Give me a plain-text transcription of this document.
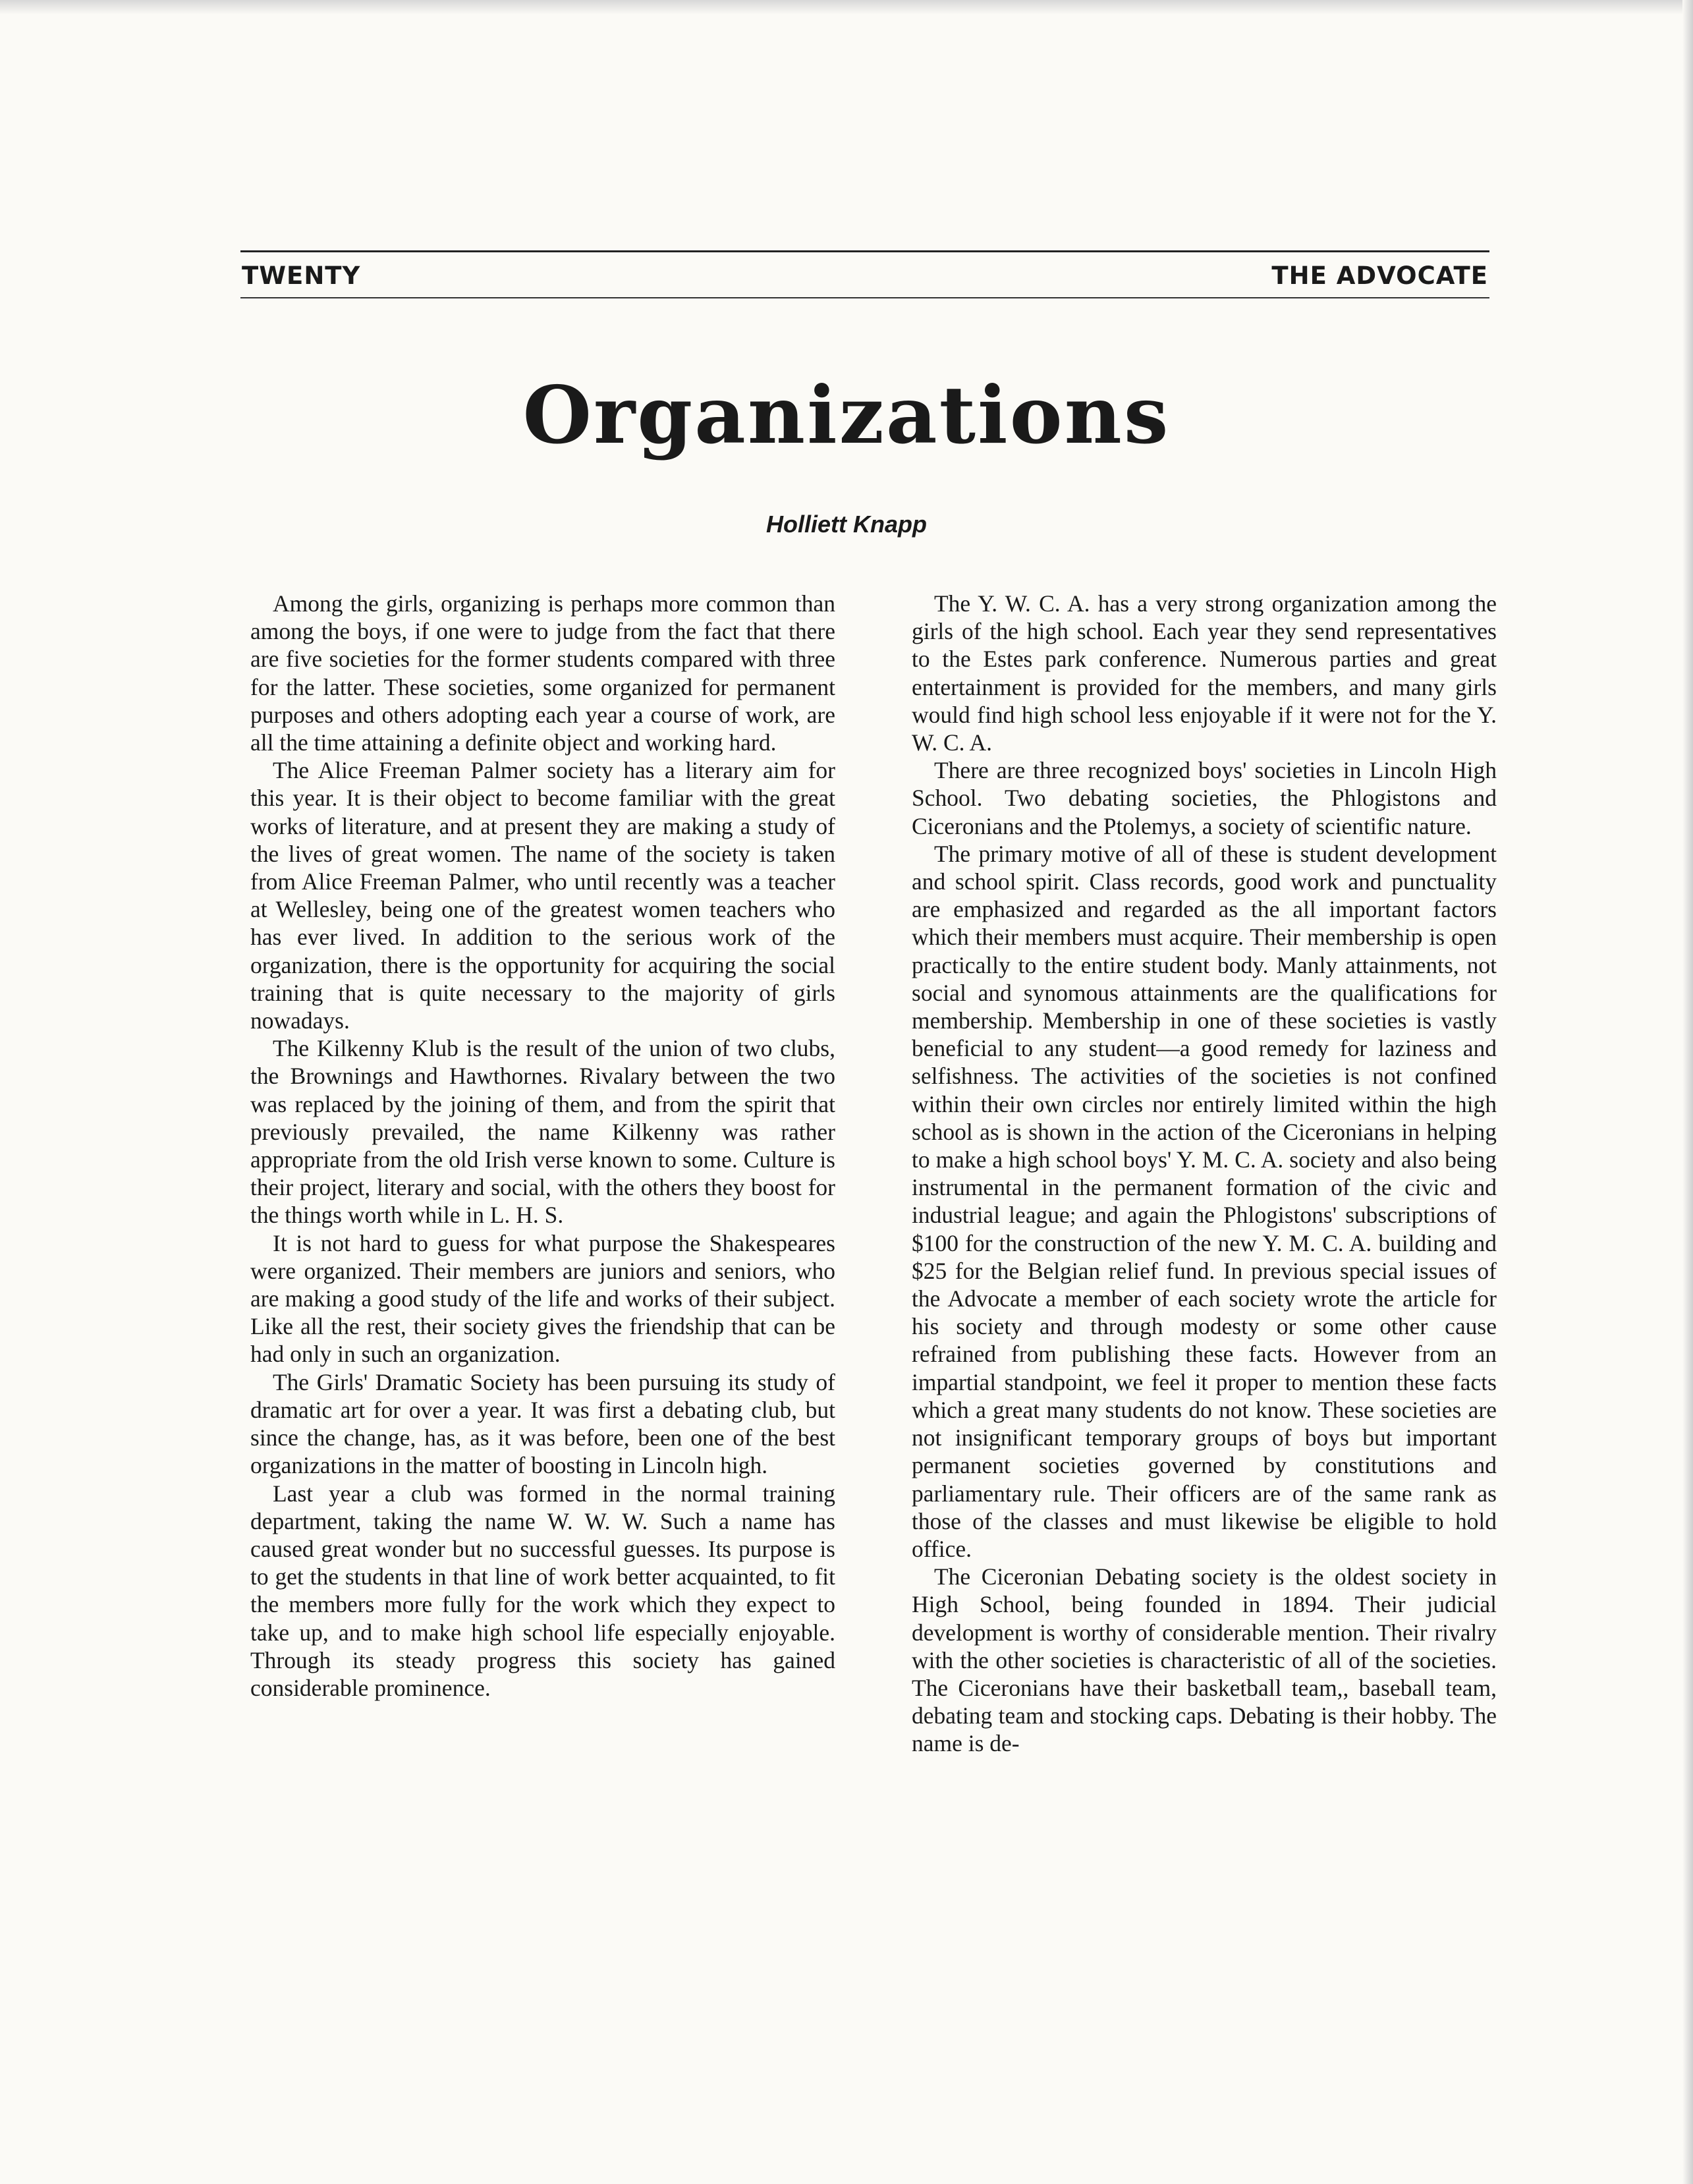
TWENTY	THE ADVOCATE
Organizations
Holliett Knapp

Among the girls, organizing is perhaps more common than among the boys, if one were to judge from the fact that there are five societies for the former students compared with three for the latter. These societies, some organized for permanent purposes and others adopting each year a course of work, are all the time attaining a definite object and working hard.

The Alice Freeman Palmer society has a literary aim for this year. It is their object to become familiar with the great works of literature, and at present they are making a study of the lives of great women. The name of the society is taken from Alice Freeman Palmer, who until recently was a teacher at Wellesley, being one of the greatest women teachers who has ever lived. In addition to the serious work of the organization, there is the opportunity for acquiring the social training that is quite necessary to the majority of girls nowadays.

The Kilkenny Klub is the result of the union of two clubs, the Brownings and Hawthornes. Rivalary between the two was replaced by the joining of them, and from the spirit that previously prevailed, the name Kilkenny was rather appropriate from the old Irish verse known to some. Culture is their project, literary and social, with the others they boost for the things worth while in L. H. S.

It is not hard to guess for what purpose the Shakespeares were organized. Their members are juniors and seniors, who are making a good study of the life and works of their subject. Like all the rest, their society gives the friendship that can be had only in such an organization.

The Girls' Dramatic Society has been pursuing its study of dramatic art for over a year. It was first a debating club, but since the change, has, as it was before, been one of the best organizations in the matter of boosting in Lincoln high.

Last year a club was formed in the normal training department, taking the name W. W. W. Such a name has caused great wonder but no successful guesses. Its purpose is to get the students in that line of work better acquainted, to fit the members more fully for the work which they expect to take up, and to make high school life especially enjoyable. Through its steady progress this society has gained considerable prominence.

The Y. W. C. A. has a very strong organization among the girls of the high school. Each year they send representatives to the Estes park conference. Numerous parties and great entertainment is provided for the members, and many girls would find high school less enjoyable if it were not for the Y. W. C. A.

There are three recognized boys' societies in Lincoln High School. Two debating societies, the Phlogistons and Ciceronians and the Ptolemys, a society of scientific nature.

The primary motive of all of these is student development and school spirit. Class records, good work and punctuality are emphasized and regarded as the all important factors which their members must acquire. Their membership is open practically to the entire student body. Manly attainments, not social and synomous attainments are the qualifications for membership. Membership in one of these societies is vastly beneficial to any student—a good remedy for laziness and selfishness. The activities of the societies is not confined within their own circles nor entirely limited within the high school as is shown in the action of the Ciceronians in helping to make a high school boys' Y. M. C. A. society and also being instrumental in the permanent formation of the civic and industrial league; and again the Phlogistons' subscriptions of $100 for the construction of the new Y. M. C. A. building and $25 for the Belgian relief fund. In previous special issues of the Advocate a member of each society wrote the article for his society and through modesty or some other cause refrained from publishing these facts. However from an impartial standpoint, we feel it proper to mention these facts which a great many students do not know. These societies are not insignificant temporary groups of boys but important permanent societies governed by constitutions and parliamentary rule. Their officers are of the same rank as those of the classes and must likewise be eligible to hold office.

The Ciceronian Debating society is the oldest society in High School, being founded in 1894. Their judicial development is worthy of considerable mention. Their rivalry with the other societies is characteristic of all of the societies. The Ciceronians have their basketball team,, baseball team, debating team and stocking caps. Debating is their hobby. The name is de-
